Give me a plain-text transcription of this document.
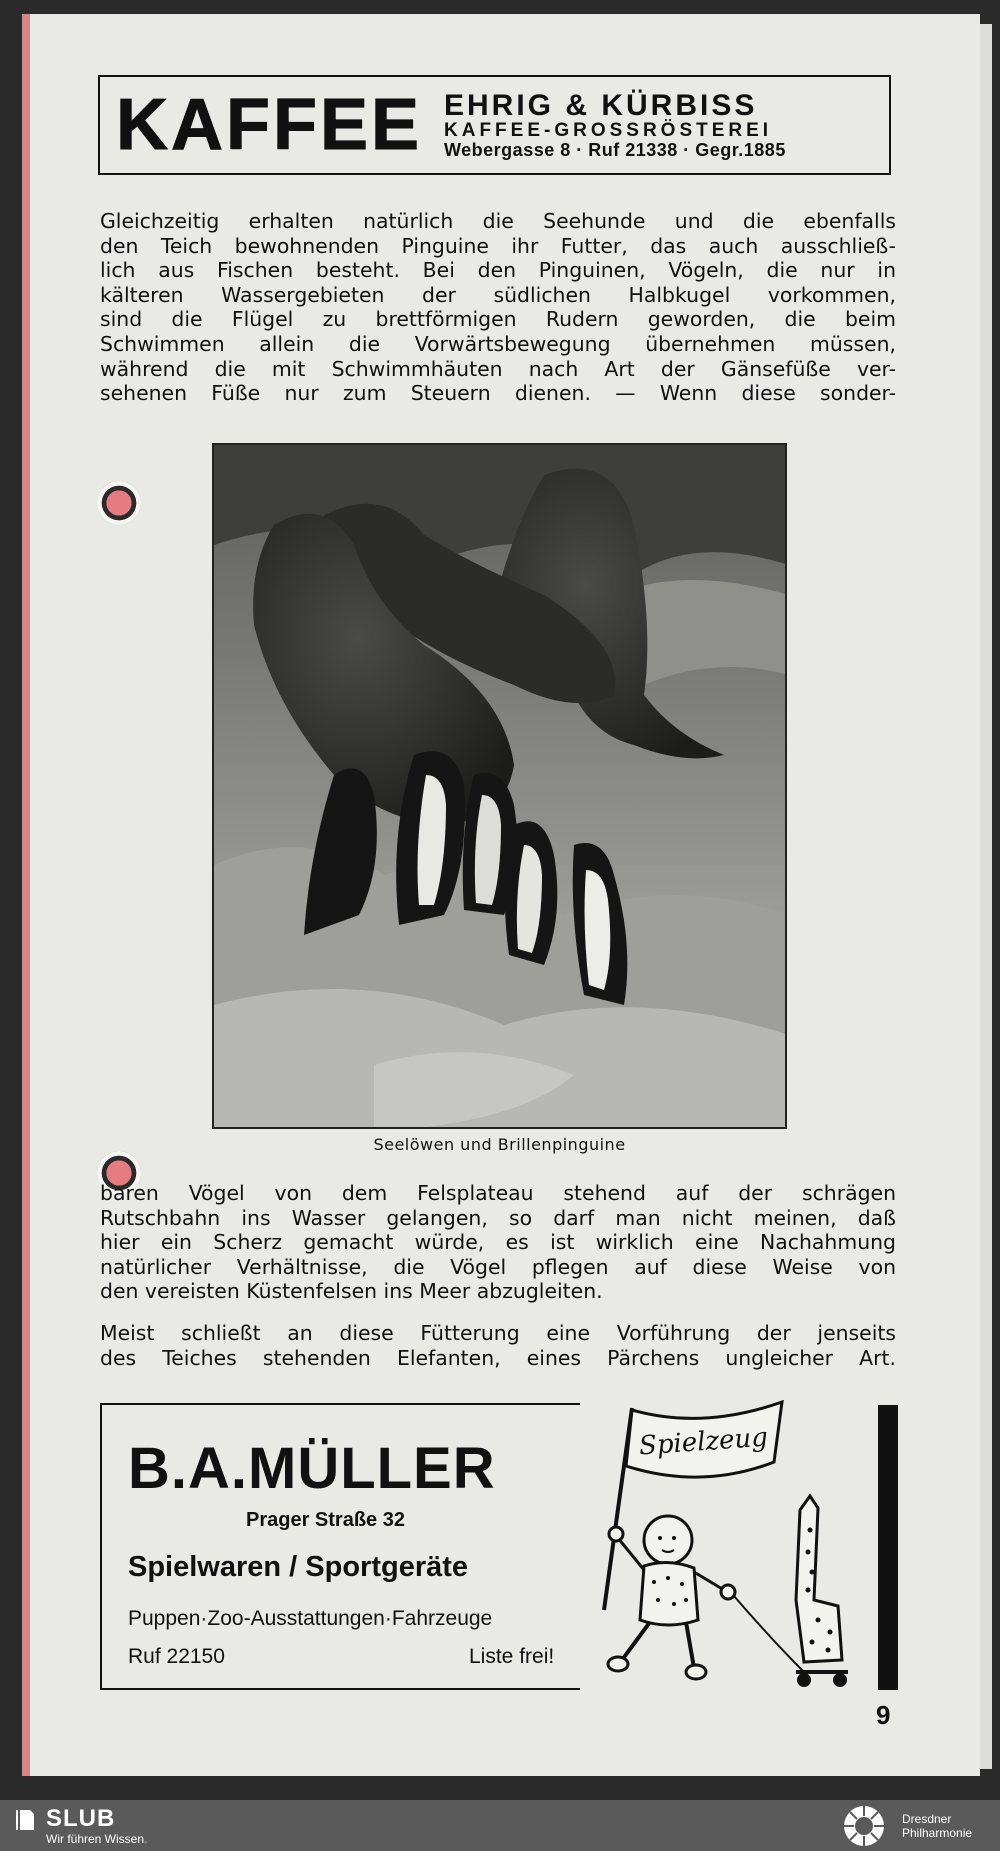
KAFFEE EHRIG & KÜRBISS
KAFFEE-GROSSRÖSTEREI
Webergasse 8 · Ruf 21338 · Gegr.1885
Gleichzeitig erhalten natürlich die Seehunde und die ebenfalls
den Teich bewohnenden Pinguine ihr Futter, das auch ausschließ-
lich aus Fischen besteht. Bei den Pinguinen, Vögeln, die nur in
kälteren Wassergebieten der südlichen Halbkugel vorkommen,
sind die Flügel zu brettförmigen Rudern geworden, die beim
Schwimmen allein die Vorwärtsbewegung übernehmen müssen,
während die mit Schwimmhäuten nach Art der Gänsefüße ver-
sehenen Füße nur zum Steuern dienen. — Wenn diese sonder-
Seelöwen und Brillenpinguine
baren Vögel von dem Felsplateau stehend auf der schrägen
Rutschbahn ins Wasser gelangen, so darf man nicht meinen, daß
hier ein Scherz gemacht würde, es ist wirklich eine Nachahmung
natürlicher Verhältnisse, die Vögel pflegen auf diese Weise von
den vereisten Küstenfelsen ins Meer abzugleiten.
Meist schließt an diese Fütterung eine Vorführung der jenseits
des Teiches stehenden Elefanten, eines Pärchens ungleicher Art.
B.A.MÜLLER
Prager Straße 32
Spielwaren / Sportgeräte
Puppen·Zoo-Ausstattungen·Fahrzeuge
Ruf 22150	Liste frei!
Spielzeug
9
SLUB
Wir führen Wissen.
Dresdner
Philharmonie
